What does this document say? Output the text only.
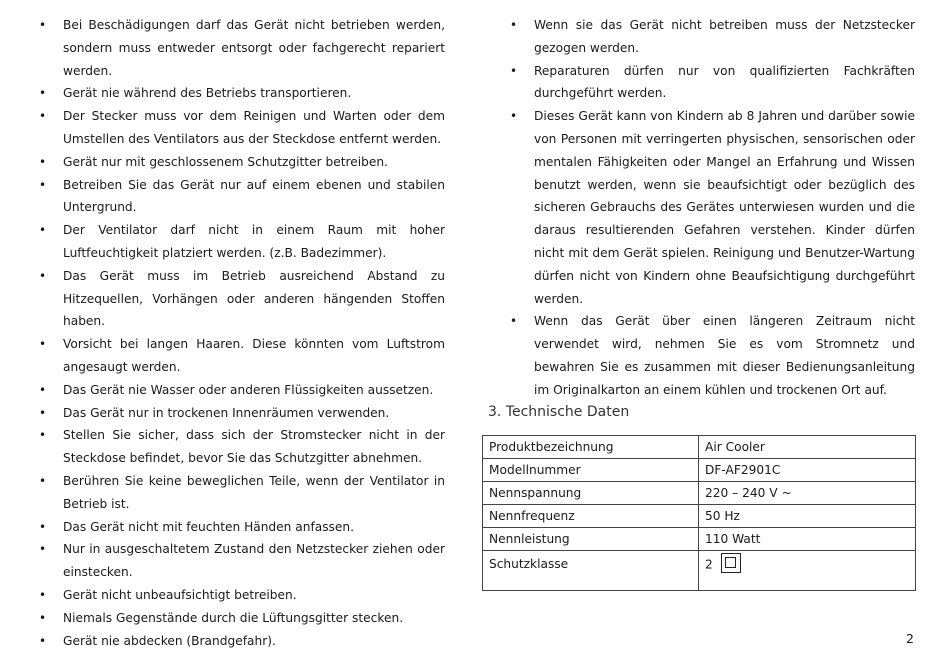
• Bei Beschädigungen darf das Gerät nicht betrieben werden, sondern muss entweder entsorgt oder fachgerecht repariert werden.
• Gerät nie während des Betriebs transportieren.
• Der Stecker muss vor dem Reinigen und Warten oder dem Umstellen des Ventilators aus der Steckdose entfernt werden.
• Gerät nur mit geschlossenem Schutzgitter betreiben.
• Betreiben Sie das Gerät nur auf einem ebenen und stabilen Untergrund.
• Der Ventilator darf nicht in einem Raum mit hoher Luftfeuchtigkeit platziert werden. (z.B. Badezimmer).
• Das Gerät muss im Betrieb ausreichend Abstand zu Hitzequellen, Vorhängen oder anderen hängenden Stoffen haben.
• Vorsicht bei langen Haaren. Diese könnten vom Luftstrom angesaugt werden.
• Das Gerät nie Wasser oder anderen Flüssigkeiten aussetzen.
• Das Gerät nur in trockenen Innenräumen verwenden.
• Stellen Sie sicher, dass sich der Stromstecker nicht in der Steckdose befindet, bevor Sie das Schutzgitter abnehmen.
• Berühren Sie keine beweglichen Teile, wenn der Ventilator in Betrieb ist.
• Das Gerät nicht mit feuchten Händen anfassen.
• Nur in ausgeschaltetem Zustand den Netzstecker ziehen oder einstecken.
• Gerät nicht unbeaufsichtigt betreiben.
• Niemals Gegenstände durch die Lüftungsgitter stecken.
• Gerät nie abdecken (Brandgefahr).
• Wenn sie das Gerät nicht betreiben muss der Netzstecker gezogen werden.
• Reparaturen dürfen nur von qualifizierten Fachkräften durchgeführt werden.
• Dieses Gerät kann von Kindern ab 8 Jahren und darüber sowie von Personen mit verringerten physischen, sensorischen oder mentalen Fähigkeiten oder Mangel an Erfahrung und Wissen benutzt werden, wenn sie beaufsichtigt oder bezüglich des sicheren Gebrauchs des Gerätes unterwiesen wurden und die daraus resultierenden Gefahren verstehen. Kinder dürfen nicht mit dem Gerät spielen. Reinigung und Benutzer-Wartung dürfen nicht von Kindern ohne Beaufsichtigung durchgeführt werden.
• Wenn das Gerät über einen längeren Zeitraum nicht verwendet wird, nehmen Sie es vom Stromnetz und bewahren Sie es zusammen mit dieser Bedienungsanleitung im Originalkarton an einem kühlen und trockenen Ort auf.
3. Technische Daten
Produktbezeichnung	Air Cooler
Modellnummer	DF-AF2901C
Nennspannung	220 – 240 V ~
Nennfrequenz	50 Hz
Nennleistung	110 Watt
Schutzklasse	2
2
